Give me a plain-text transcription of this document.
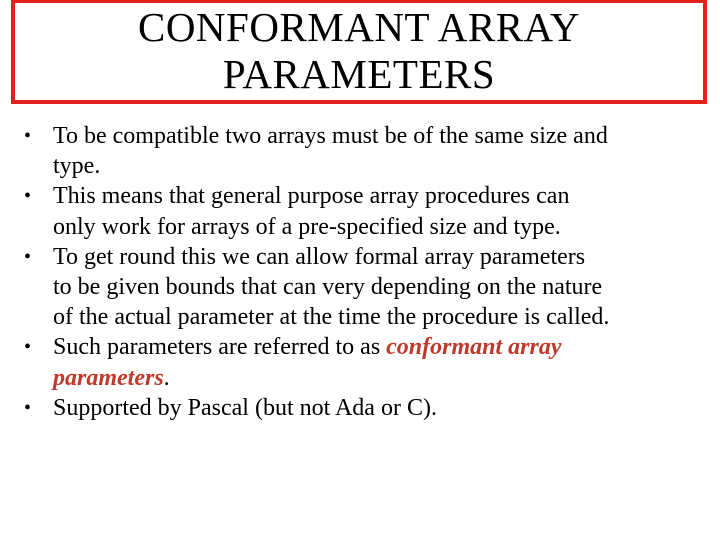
CONFORMANT ARRAY
PARAMETERS
• To be compatible two arrays must be of the same size and
type.
• This means that general purpose array procedures can
only work for arrays of a pre-specified size and type.
• To get round this we can allow formal array parameters
to be given bounds that can very depending on the nature
of the actual parameter at the time the procedure is called.
• Such parameters are referred to as conformant array
parameters.
• Supported by Pascal (but not Ada or C).
